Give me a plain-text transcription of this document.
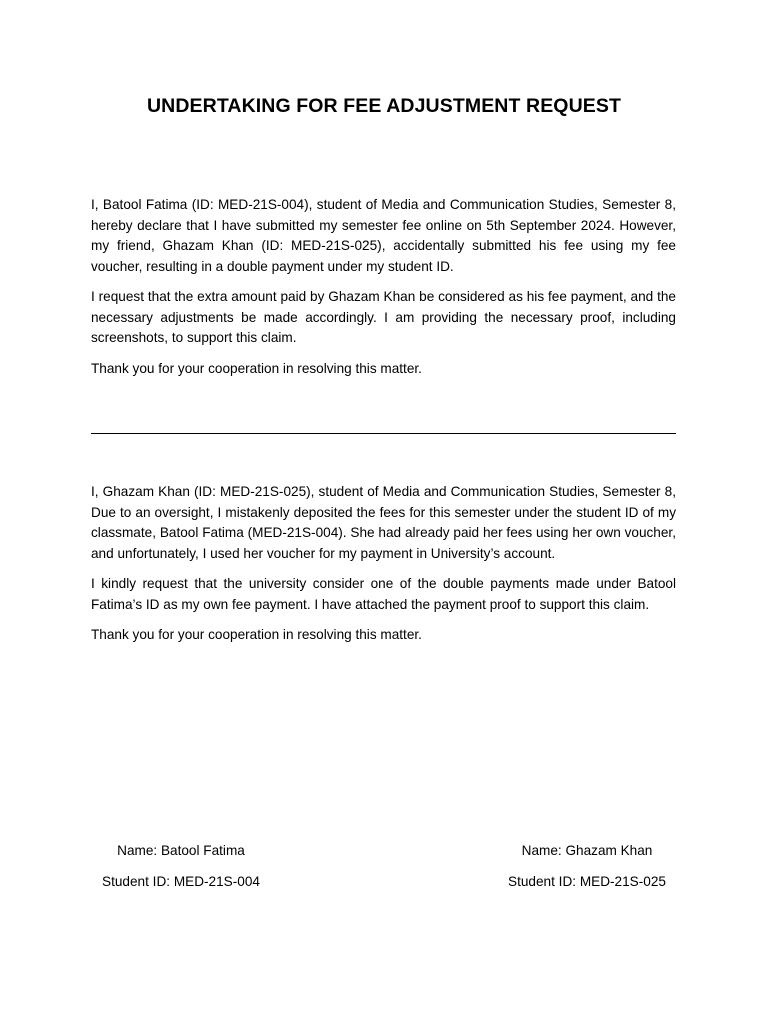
UNDERTAKING FOR FEE ADJUSTMENT REQUEST

I, Batool Fatima (ID: MED-21S-004), student of Media and Communication Studies, Semester 8, hereby declare that I have submitted my semester fee online on 5th September 2024. However, my friend, Ghazam Khan (ID: MED-21S-025), accidentally submitted his fee using my fee voucher, resulting in a double payment under my student ID.

I request that the extra amount paid by Ghazam Khan be considered as his fee payment, and the necessary adjustments be made accordingly. I am providing the necessary proof, including screenshots, to support this claim.

Thank you for your cooperation in resolving this matter.

I, Ghazam Khan (ID: MED-21S-025), student of Media and Communication Studies, Semester 8, Due to an oversight, I mistakenly deposited the fees for this semester under the student ID of my classmate, Batool Fatima (MED-21S-004). She had already paid her fees using her own voucher, and unfortunately, I used her voucher for my payment in University’s account.

I kindly request that the university consider one of the double payments made under Batool Fatima’s ID as my own fee payment. I have attached the payment proof to support this claim.

Thank you for your cooperation in resolving this matter.

Name: Batool Fatima
Student ID: MED-21S-004
Name: Ghazam Khan
Student ID: MED-21S-025
